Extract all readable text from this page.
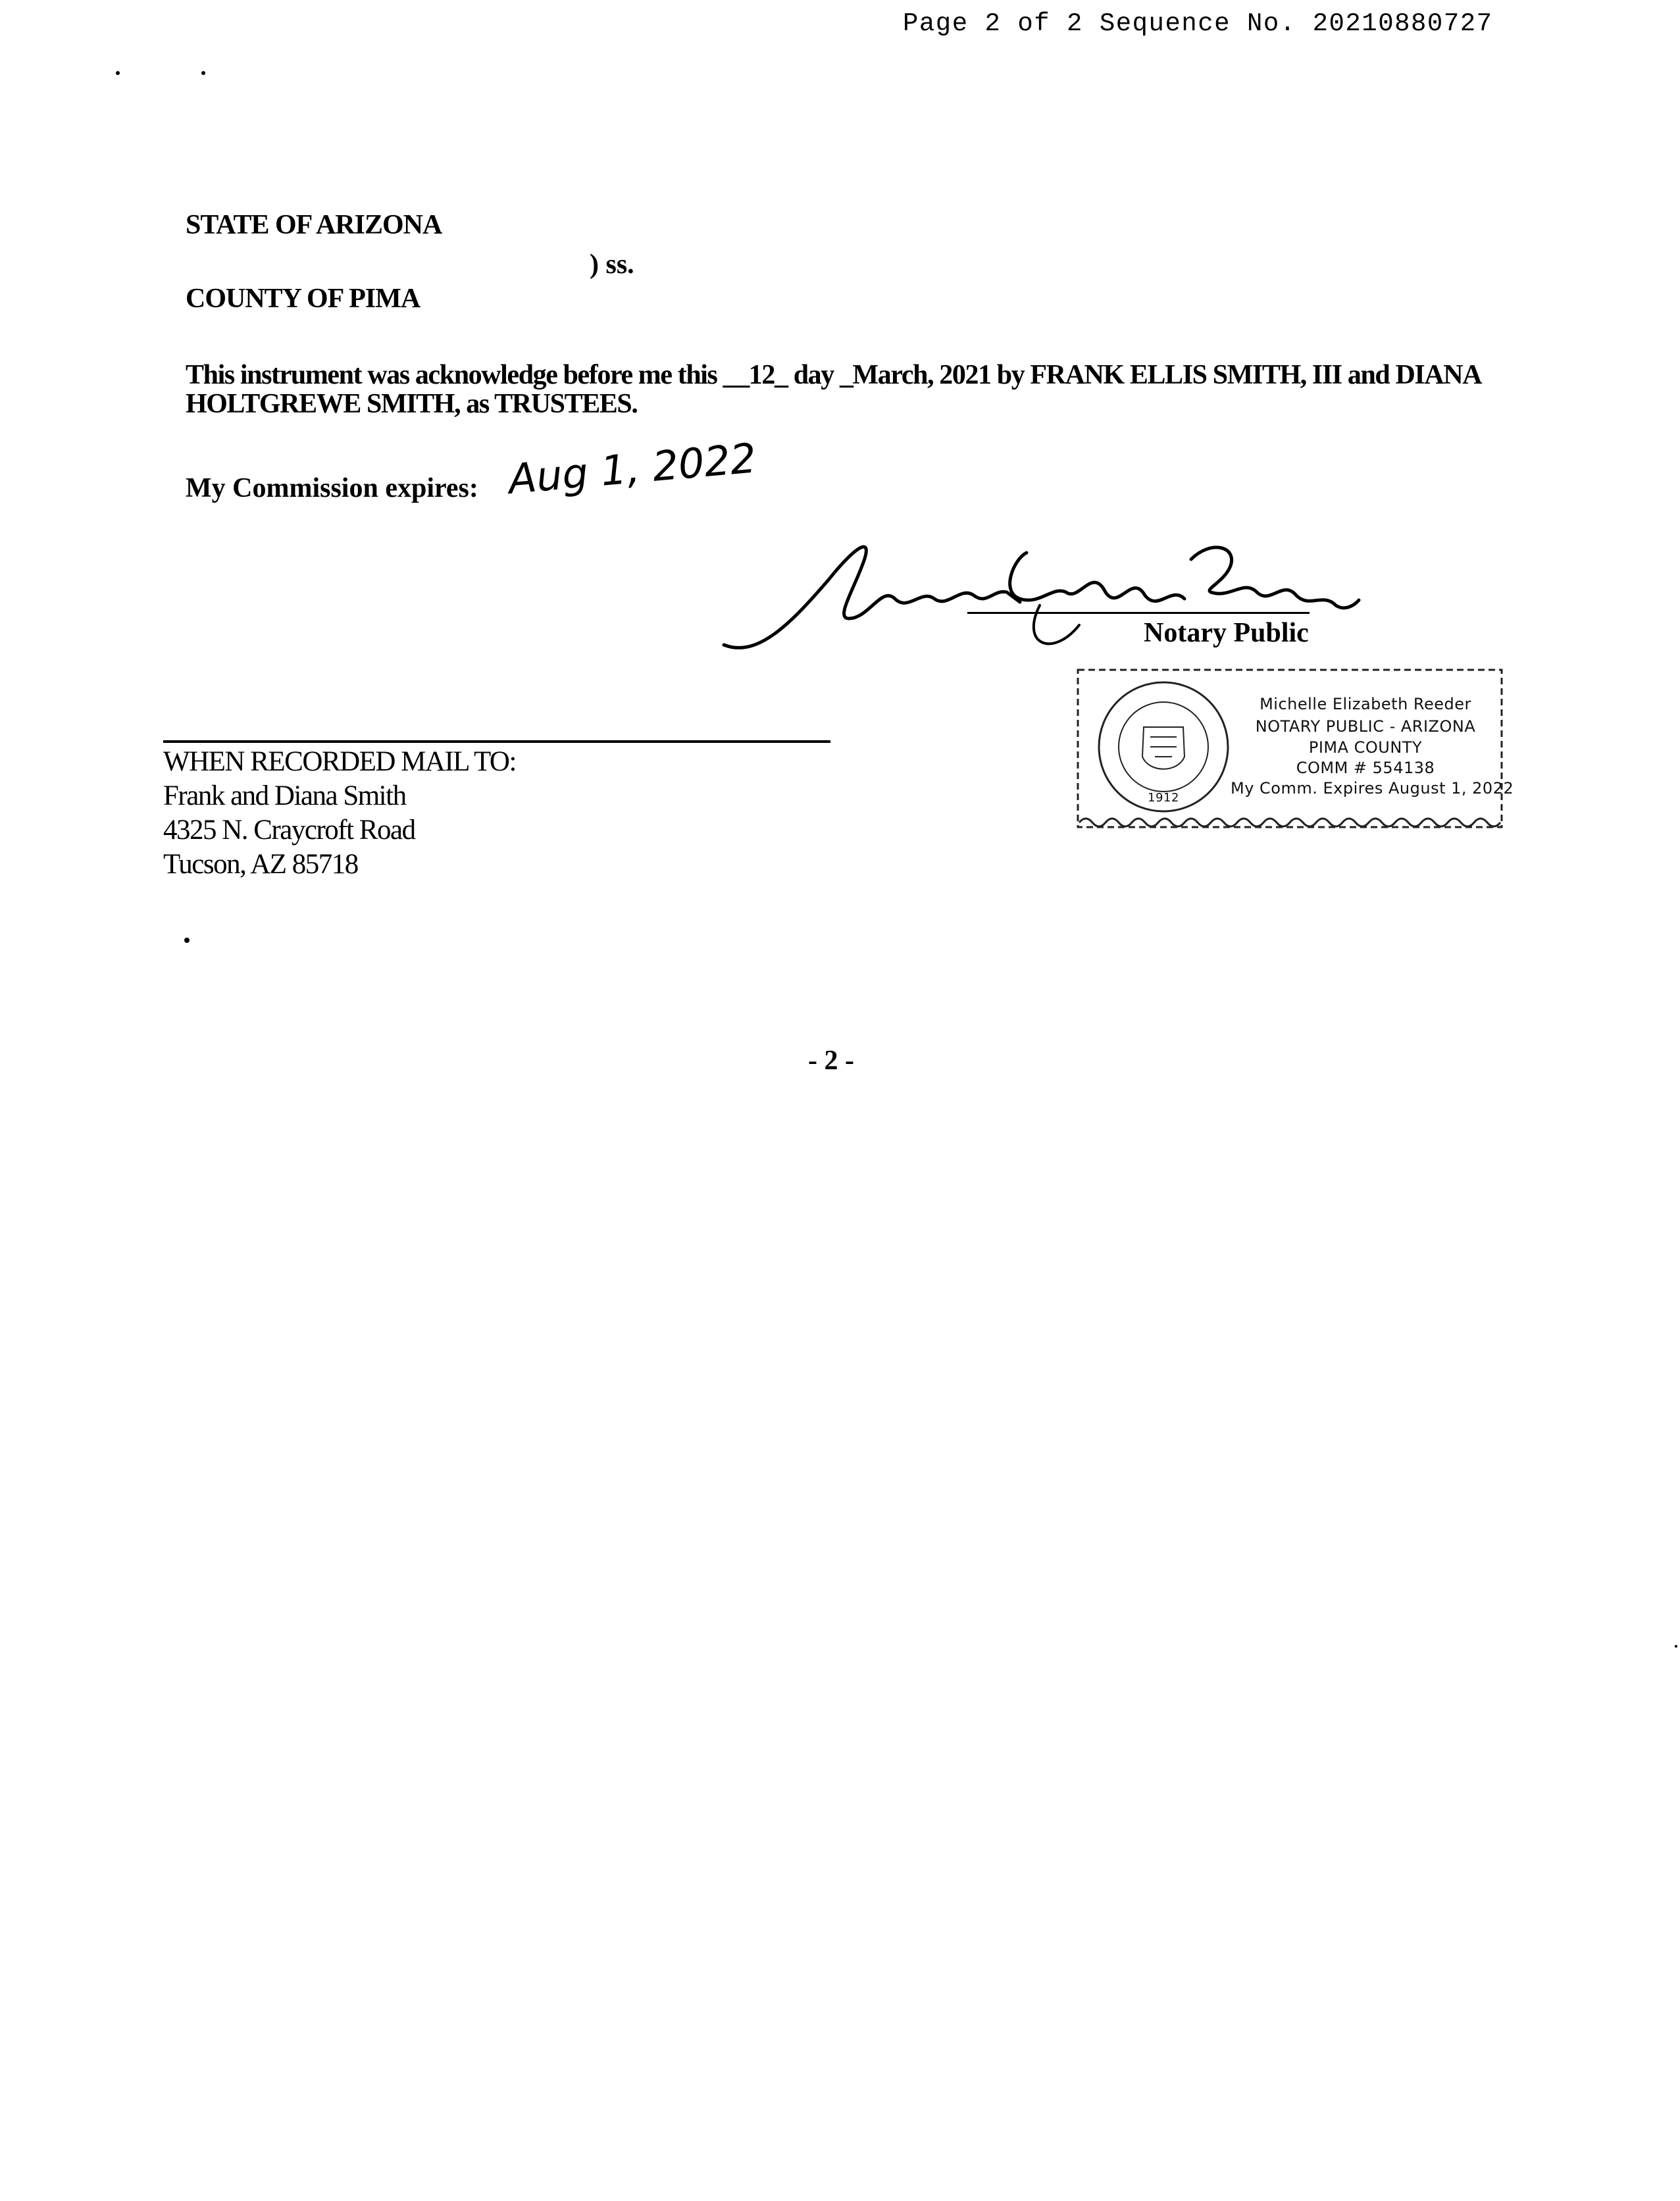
Page 2 of 2 Sequence No. 20210880727
STATE OF ARIZONA
) ss.
COUNTY OF PIMA
This instrument was acknowledge before me this __12_ day _March, 2021 by FRANK ELLIS SMITH, III and DIANA HOLTGREWE SMITH, as TRUSTEES.
My Commission expires: Aug 1, 2022
Notary Public
Michelle Elizabeth Reeder
NOTARY PUBLIC - ARIZONA
PIMA COUNTY
COMM # 554138
My Comm. Expires August 1, 2022
1912
WHEN RECORDED MAIL TO:
Frank and Diana Smith
4325 N. Craycroft Road
Tucson, AZ 85718
- 2 -
